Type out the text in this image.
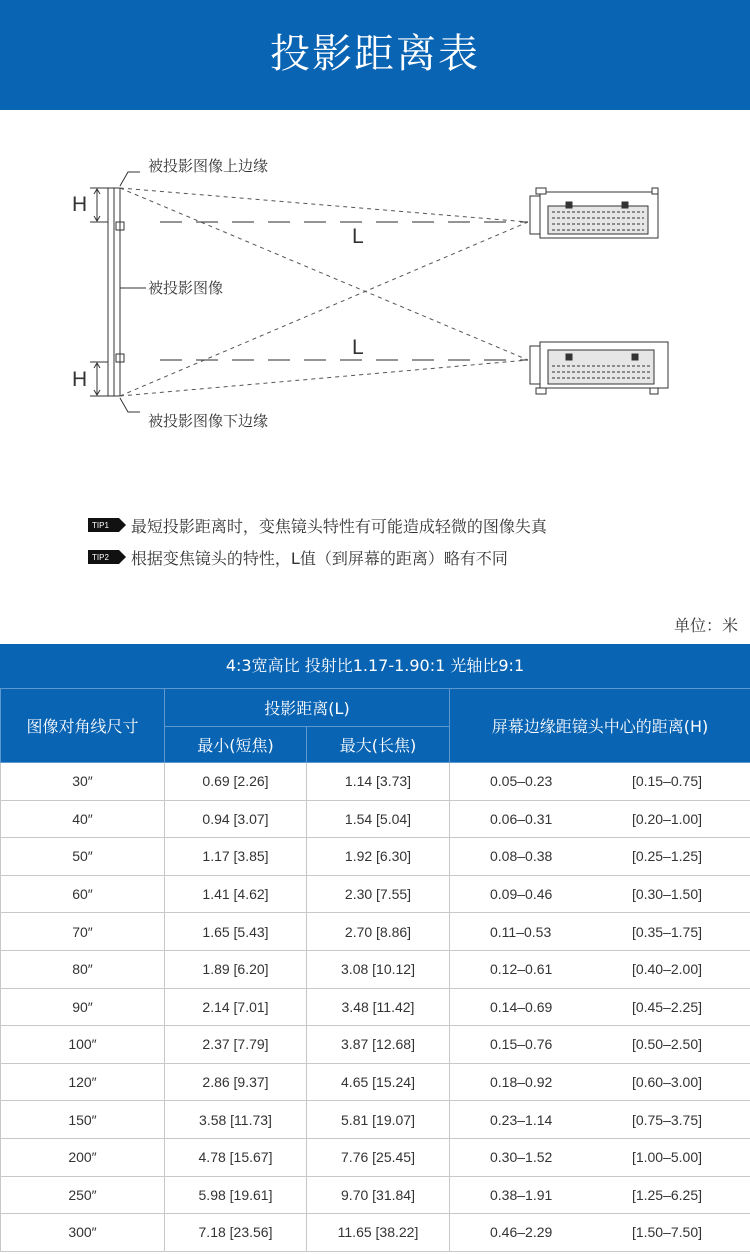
投影距离表
被投影图像上边缘
被投影图像
被投影图像下边缘
H
H
L
L
TIP1	最短投影距离时，变焦镜头特性有可能造成轻微的图像失真
TIP2	根据变焦镜头的特性，L值（到屏幕的距离）略有不同
单位：米
4:3宽高比 投射比1.17-1.90:1 光轴比9:1
图像对角线尺寸	投影距离(L)		屏幕边缘距镜头中心的距离(H)
	最小(短焦)	最大(长焦)	
30″	0.69 [2.26]	1.14 [3.73]	0.05–0.23 [0.15–0.75]

40″	0.94 [3.07]	1.54 [5.04]	0.06–0.31 [0.20–1.00]

50″	1.17 [3.85]	1.92 [6.30]	0.08–0.38 [0.25–1.25]

60″	1.41 [4.62]	2.30 [7.55]	0.09–0.46 [0.30–1.50]

70″	1.65 [5.43]	2.70 [8.86]	0.11–0.53 [0.35–1.75]

80″	1.89 [6.20]	3.08 [10.12]	0.12–0.61 [0.40–2.00]

90″	2.14 [7.01]	3.48 [11.42]	0.14–0.69 [0.45–2.25]

100″	2.37 [7.79]	3.87 [12.68]	0.15–0.76 [0.50–2.50]

120″	2.86 [9.37]	4.65 [15.24]	0.18–0.92 [0.60–3.00]

150″	3.58 [11.73]	5.81 [19.07]	0.23–1.14 [0.75–3.75]

200″	4.78 [15.67]	7.76 [25.45]	0.30–1.52 [1.00–5.00]

250″	5.98 [19.61]	9.70 [31.84]	0.38–1.91 [1.25–6.25]

300″	7.18 [23.56]	11.65 [38.22]	0.46–2.29 [1.50–7.50]
